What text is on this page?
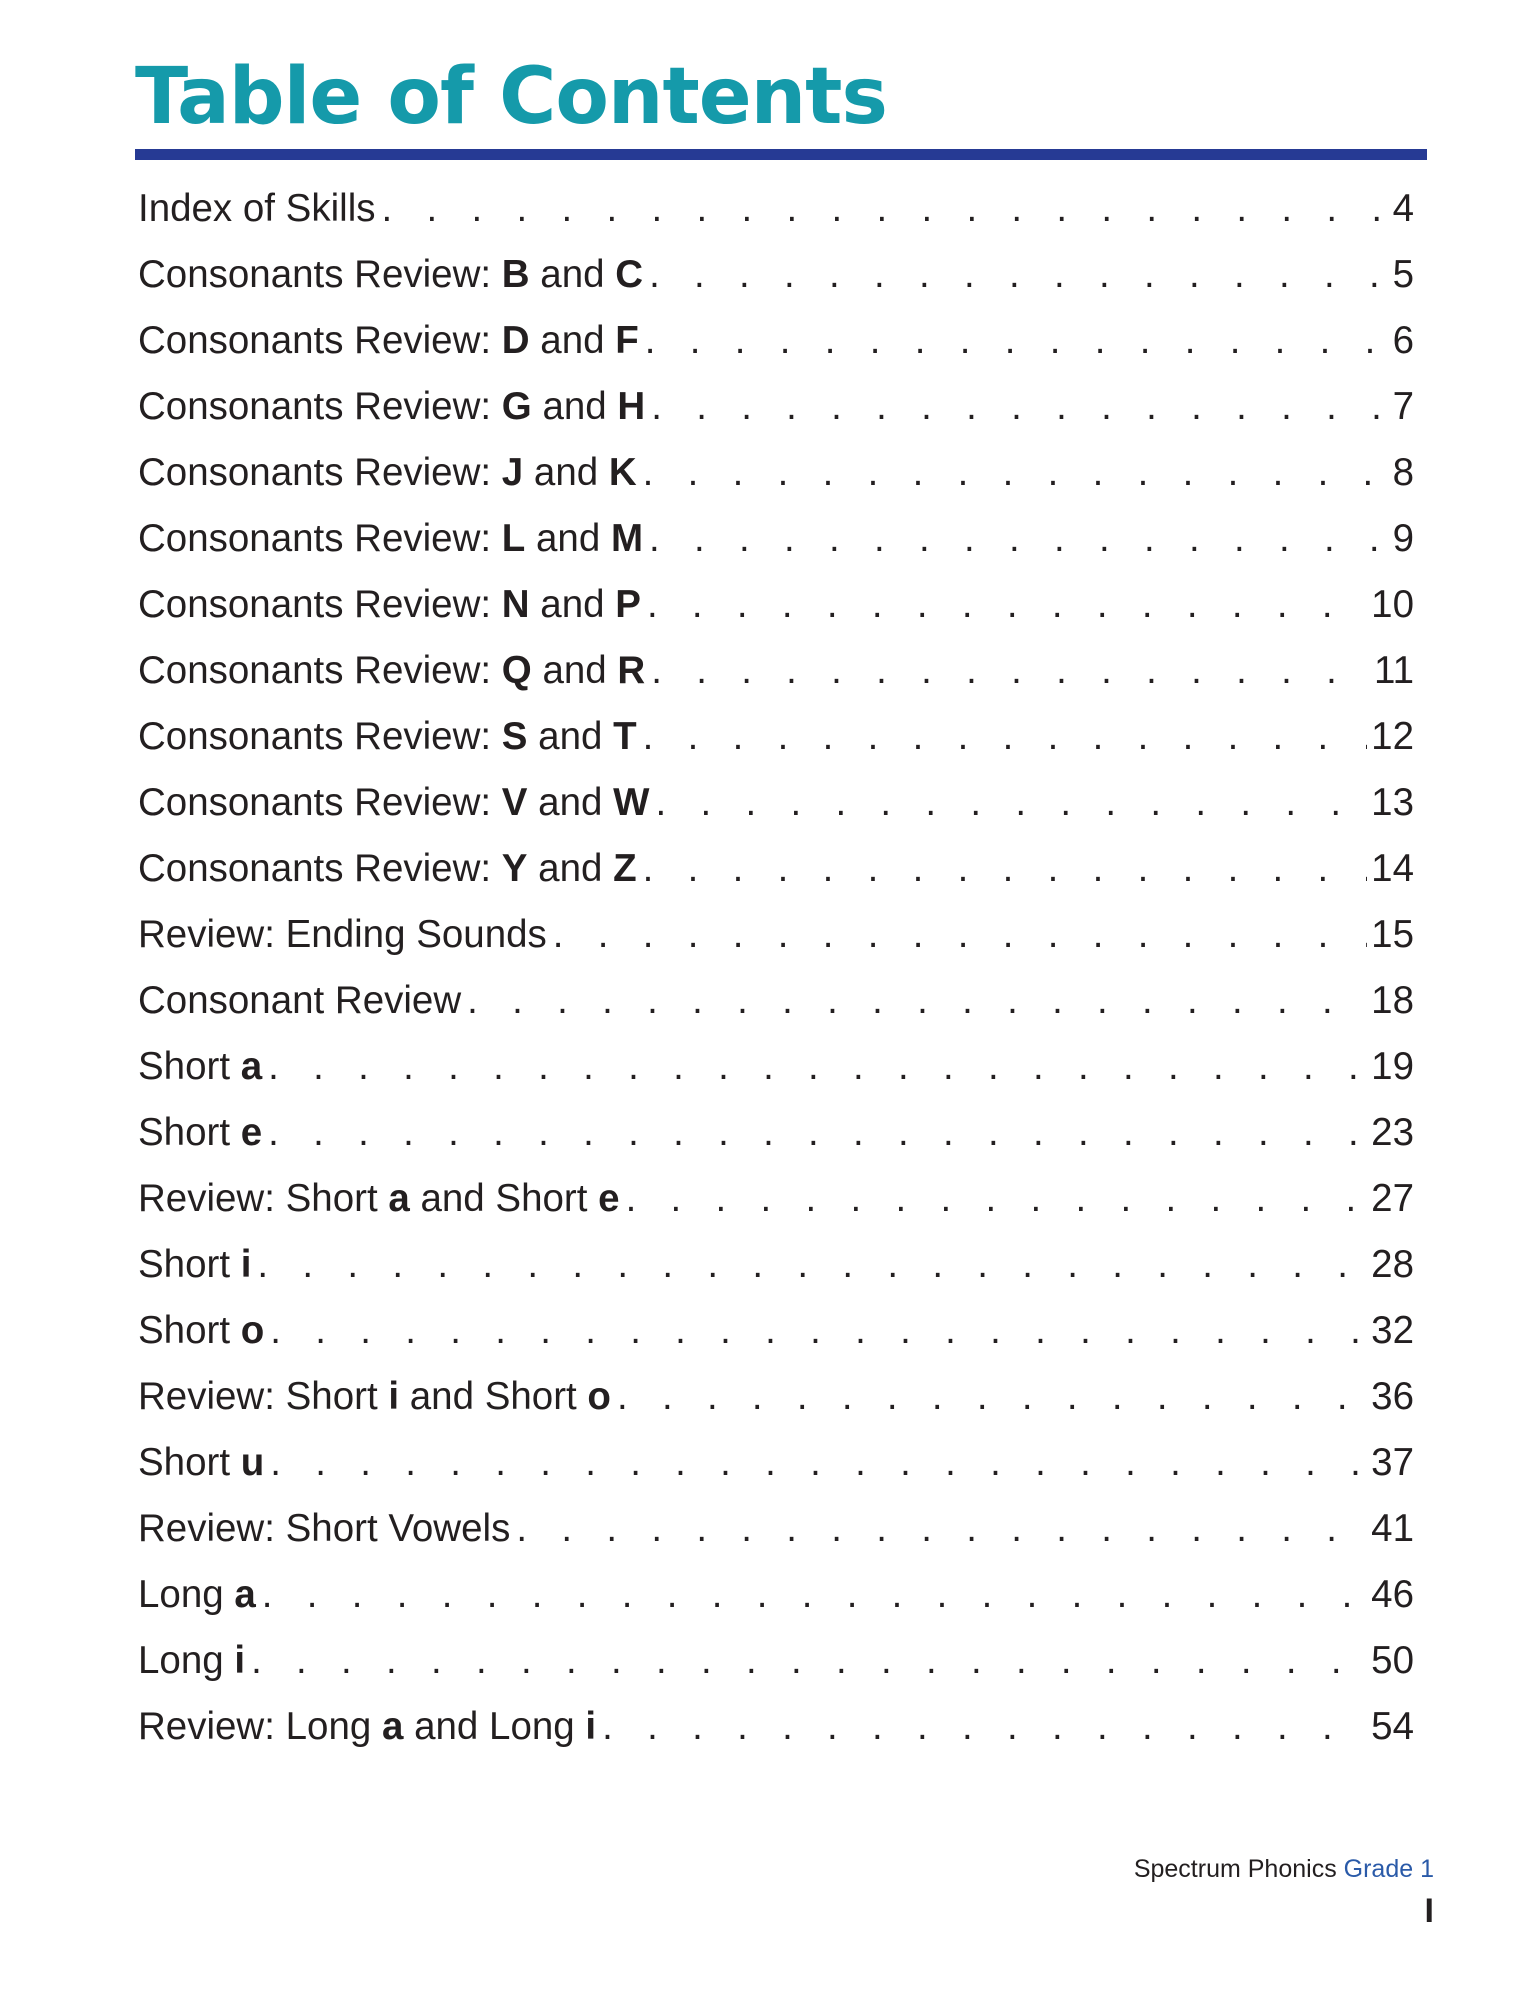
Table of Contents
Index of Skills . . .	4
Consonants Review: B and C . . .	5
Consonants Review: D and F . . .	6
Consonants Review: G and H . . .	7
Consonants Review: J and K . . .	8
Consonants Review: L and M . . .	9
Consonants Review: N and P . . .	10
Consonants Review: Q and R . . .	11
Consonants Review: S and T . . .	12
Consonants Review: V and W . . .	13
Consonants Review: Y and Z . . .	14
Review: Ending Sounds . . .	15
Consonant Review . . .	18
Short a . . .	19
Short e . . .	23
Review: Short a and Short e . . .	27
Short i . . .	28
Short o . . .	32
Review: Short i and Short o . . .	36
Short u . . .	37
Review: Short Vowels . . .	41
Long a . . .	46
Long i . . .	50
Review: Long a and Long i . . .	54
Spectrum Phonics Grade 1
I
